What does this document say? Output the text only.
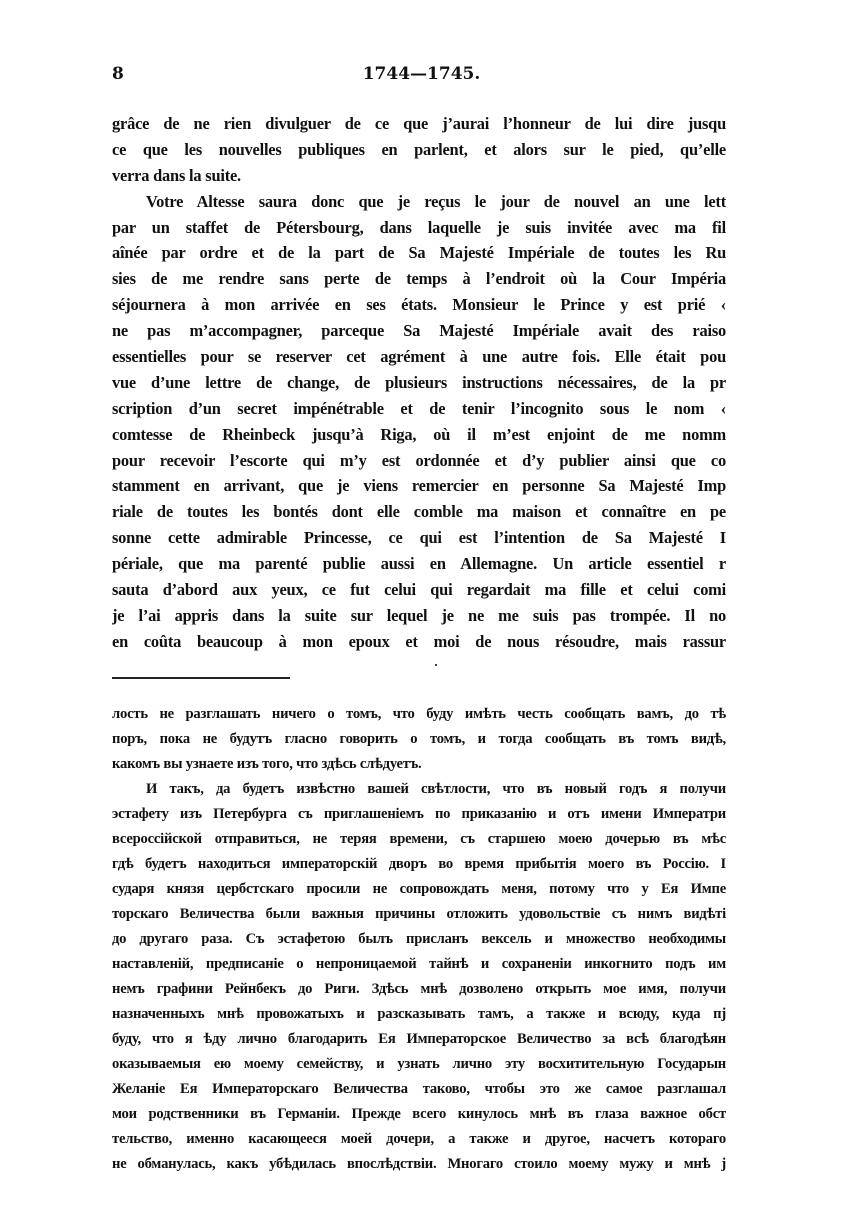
8	1744—1745.
grâce de ne rien divulguer de ce que j’aurai l’honneur de lui dire jusqu
ce que les nouvelles publiques en parlent, et alors sur le pied, qu’elle
verra dans la suite.
Votre Altesse saura donc que je reçus le jour de nouvel an une lett
par un staffet de Pétersbourg, dans laquelle je suis invitée avec ma fil
aînée par ordre et de la part de Sa Majesté Impériale de toutes les Ru
sies de me rendre sans perte de temps à l’endroit où la Cour Impéria
séjournera à mon arrivée en ses états. Monsieur le Prince y est prié ‹
ne pas m’accompagner, parceque Sa Majesté Impériale avait des raiso
essentielles pour se reserver cet agrément à une autre fois. Elle était pou
vue d’une lettre de change, de plusieurs instructions nécessaires, de la pr
scription d’un secret impénétrable et de tenir l’incognito sous le nom ‹
comtesse de Rheinbeck jusqu’à Riga, où il m’est enjoint de me nomm
pour recevoir l’escorte qui m’y est ordonnée et d’y publier ainsi que co
stamment en arrivant, que je viens remercier en personne Sa Majesté Imp
riale de toutes les bontés dont elle comble ma maison et connaître en pe
sonne cette admirable Princesse, ce qui est l’intention de Sa Majesté I
périale, que ma parenté publie aussi en Allemagne. Un article essentiel r
sauta d’abord aux yeux, ce fut celui qui regardait ma fille et celui comi
je l’ai appris dans la suite sur lequel je ne me suis pas trompée. Il no
en coûta beaucoup à mon epoux et moi de nous résoudre, mais rassur
лость не разглашать ничего о томъ, что буду имѣть честь сообщать вамъ, до тѣ
поръ, пока не будутъ гласно говорить о томъ, и тогда сообщать въ томъ видѣ,
какомъ вы узнаете изъ того, что здѣсь слѣдуетъ.
И такъ, да будетъ извѣстно вашей свѣтлости, что въ новый годъ я получи
эстафету изъ Петербурга съ приглашеніемъ по приказанію и отъ имени Императри
всероссійской отправиться, не теряя времени, съ старшею моею дочерью въ мѣс
гдѣ будетъ находиться императорскій дворъ во время прибытія моего въ Россію. I
сударя князя цербстскаго просили не сопровождать меня, потому что у Ея Импе
торскаго Величества были важныя причины отложить удовольствіе съ нимъ видѣті
до другаго раза. Съ эстафетою былъ присланъ вексель и множество необходимы
наставленій, предписаніе о непроницаемой тайнѣ и сохраненіи инкогнито подъ им
немъ графини Рейнбекъ до Риги. Здѣсь мнѣ дозволено открыть мое имя, получи
назначенныхъ мнѣ провожатыхъ и разсказывать тамъ, а также и всюду, куда пј
буду, что я ѣду лично благодарить Ея Императорское Величество за всѣ благодѣян
оказываемыя ею моему семейству, и узнать лично эту восхитительную Государын
Желаніе Ея Императорскаго Величества таково, чтобы это же самое разглашал
мои родственники въ Германіи. Прежде всего кинулось мнѣ въ глаза важное обст
тельство, именно касающееся моей дочери, а также и другое, насчетъ котораго
не обманулась, какъ убѣдилась впослѣдствіи. Многаго стоило моему мужу и мнѣ ј
